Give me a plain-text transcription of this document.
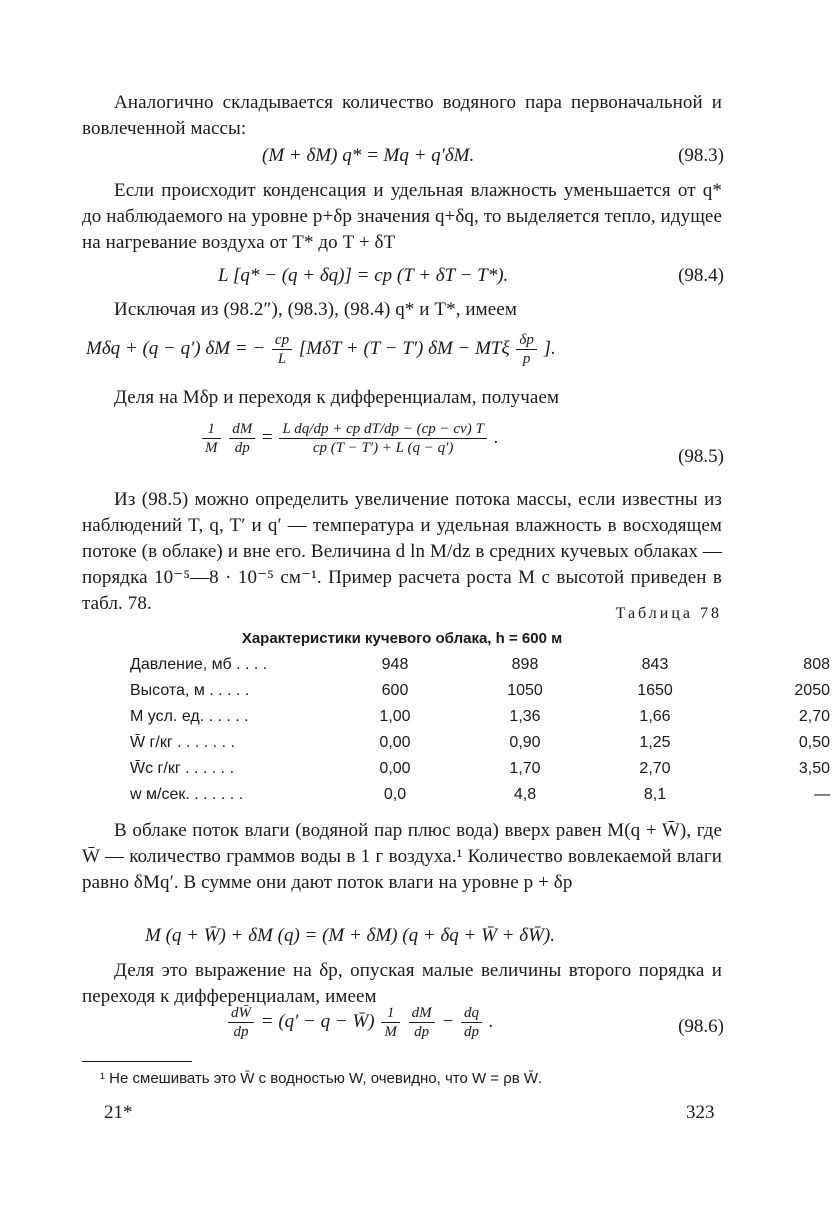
Аналогично складывается количество водяного пара первоначальной и вовлеченной массы:
(M + δM) q* = Mq + q′δM.	(98.3)
Если происходит конденсация и удельная влажность уменьшается от q* до наблюдаемого на уровне p+δp значения q+δq, то выделяется тепло, идущее на нагревание воздуха от T* до T + δT
L [q* − (q + δq)] = cp (T + δT − T*).	(98.4)
Исключая из (98.2″), (98.3), (98.4) q* и T*, имеем
Mδq + (q − q′) δM = − $\frac{cp}{L} [M\delta T + (T - T') \delta M - MT\xi \frac{\delta p}{p}$ ].
Деля на Mδp и переходя к дифференциалам, получаем
$\frac{1}{M}$
$\frac{dM}{dp} = \frac{\text{L dq/dp + cp dT/dp − (cp − cv) T}}{cp (T - T') + L (q - q')}$ .
(98.5)
Из (98.5) можно определить увеличение потока массы, если известны из наблюдений T, q, T′ и q′ — температура и удельная влажность в восходящем потоке (в облаке) и вне его. Величина d ln M/dz в средних кучевых облаках — порядка 10⁻⁵—8 · 10⁻⁵ см⁻¹. Пример расчета роста M с высотой приведен в табл. 78.	Таблица 78
Характеристики кучевого облака, h = 600 м
Давление, мб . . . .	948	898	843	808
Высота, м . . . . .	600	1050	1650	2050
M усл. ед. . . . . .	1,00	1,36	1,66	2,70
W̄ г/кг . . . . . . .	0,00	0,90	1,25	0,50
W̄c г/кг . . . . . .	0,00	1,70	2,70	3,50
w м/сек. . . . . . .	0,0	4,8	8,1	—
В облаке поток влаги (водяной пар плюс вода) вверх равен M(q + W̄), где W̄ — количество граммов воды в 1 г воздуха.¹ Количество вовлекаемой влаги равно δMq′. В сумме они дают поток влаги на уровне p + δp
M (q + W̄) + δM (q) = (M + δM) (q + δq + W̄ + δW̄).
Деля это выражение на δp, опуская малые величины второго порядка и переходя к дифференциалам, имеем
$\frac{dW̄}{dp} = (q' - q$ − W̄) $\frac{1}{M}$
$\frac{dM}{dp} - \frac{dq}{dp}$ .	(98.6)
¹ Не смешивать это W̄ с водностью W, очевидно, что W = ρв W̄.
21*	323
